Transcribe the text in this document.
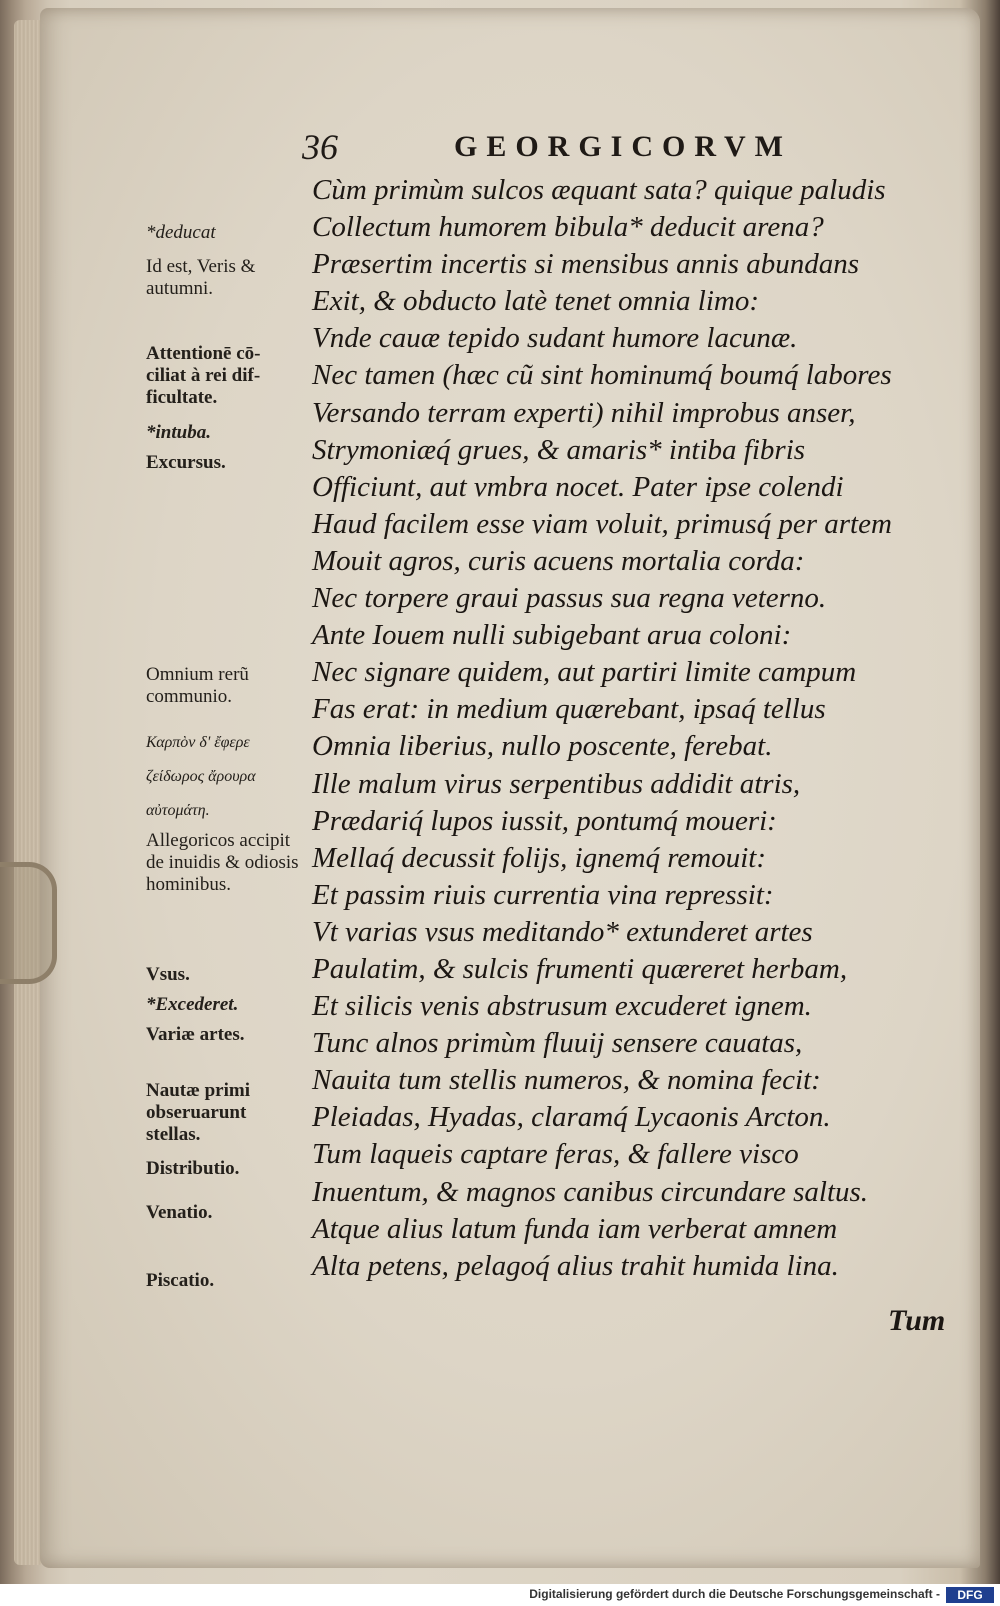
36	GEORGICORVM
*deducat
Id est, Veris & autumni.
Attentionē cō-ciliat à rei dif-ficultate.
*intuba.
Excursus.
Omnium rerũ communio.
Καρπὸν δ' ἔφερε ζείδωρος ἄρουρα αὐτομάτη.
Allegoricos accipit de inuidis & odiosis hominibus.
Vsus.
*Excederet.
Variæ artes.
Nautæ primi obseruarunt stellas.
Distributio.
Venatio.
Piscatio.
Cùm primùm sulcos æquant sata? quique paludis
Collectum humorem bibula* deducit arena?
Præsertim incertis si mensibus annis abundans
Exit, & obducto latè tenet omnia limo:
Vnde cauæ tepido sudant humore lacunæ.
Nec tamen (hæc cũ sint hominumq́ boumq́ labores
Versando terram experti) nihil improbus anser,
Strymoniæq́ grues, & amaris* intiba fibris
Officiunt, aut vmbra nocet. Pater ipse colendi
Haud facilem esse viam voluit, primusq́ per artem
Mouit agros, curis acuens mortalia corda:
Nec torpere graui passus sua regna veterno.
Ante Iouem nulli subigebant arua coloni:
Nec signare quidem, aut partiri limite campum
Fas erat: in medium quærebant, ipsaq́ tellus
Omnia liberius, nullo poscente, ferebat.
Ille malum virus serpentibus addidit atris,
Prædariq́ lupos iussit, pontumq́ moueri:
Mellaq́ decussit folijs, ignemq́ remouit:
Et passim riuis currentia vina repressit:
Vt varias vsus meditando* extunderet artes
Paulatim, & sulcis frumenti quæreret herbam,
Et silicis venis abstrusum excuderet ignem.
Tunc alnos primùm fluuij sensere cauatas,
Nauita tum stellis numeros, & nomina fecit:
Pleiadas, Hyadas, claramq́ Lycaonis Arcton.
Tum laqueis captare feras, & fallere visco
Inuentum, & magnos canibus circundare saltus.
Atque alius latum funda iam verberat amnem
Alta petens, pelagoq́ alius trahit humida lina.
Tum
Digitalisierung gefördert durch die Deutsche Forschungsgemeinschaft -	DFG
